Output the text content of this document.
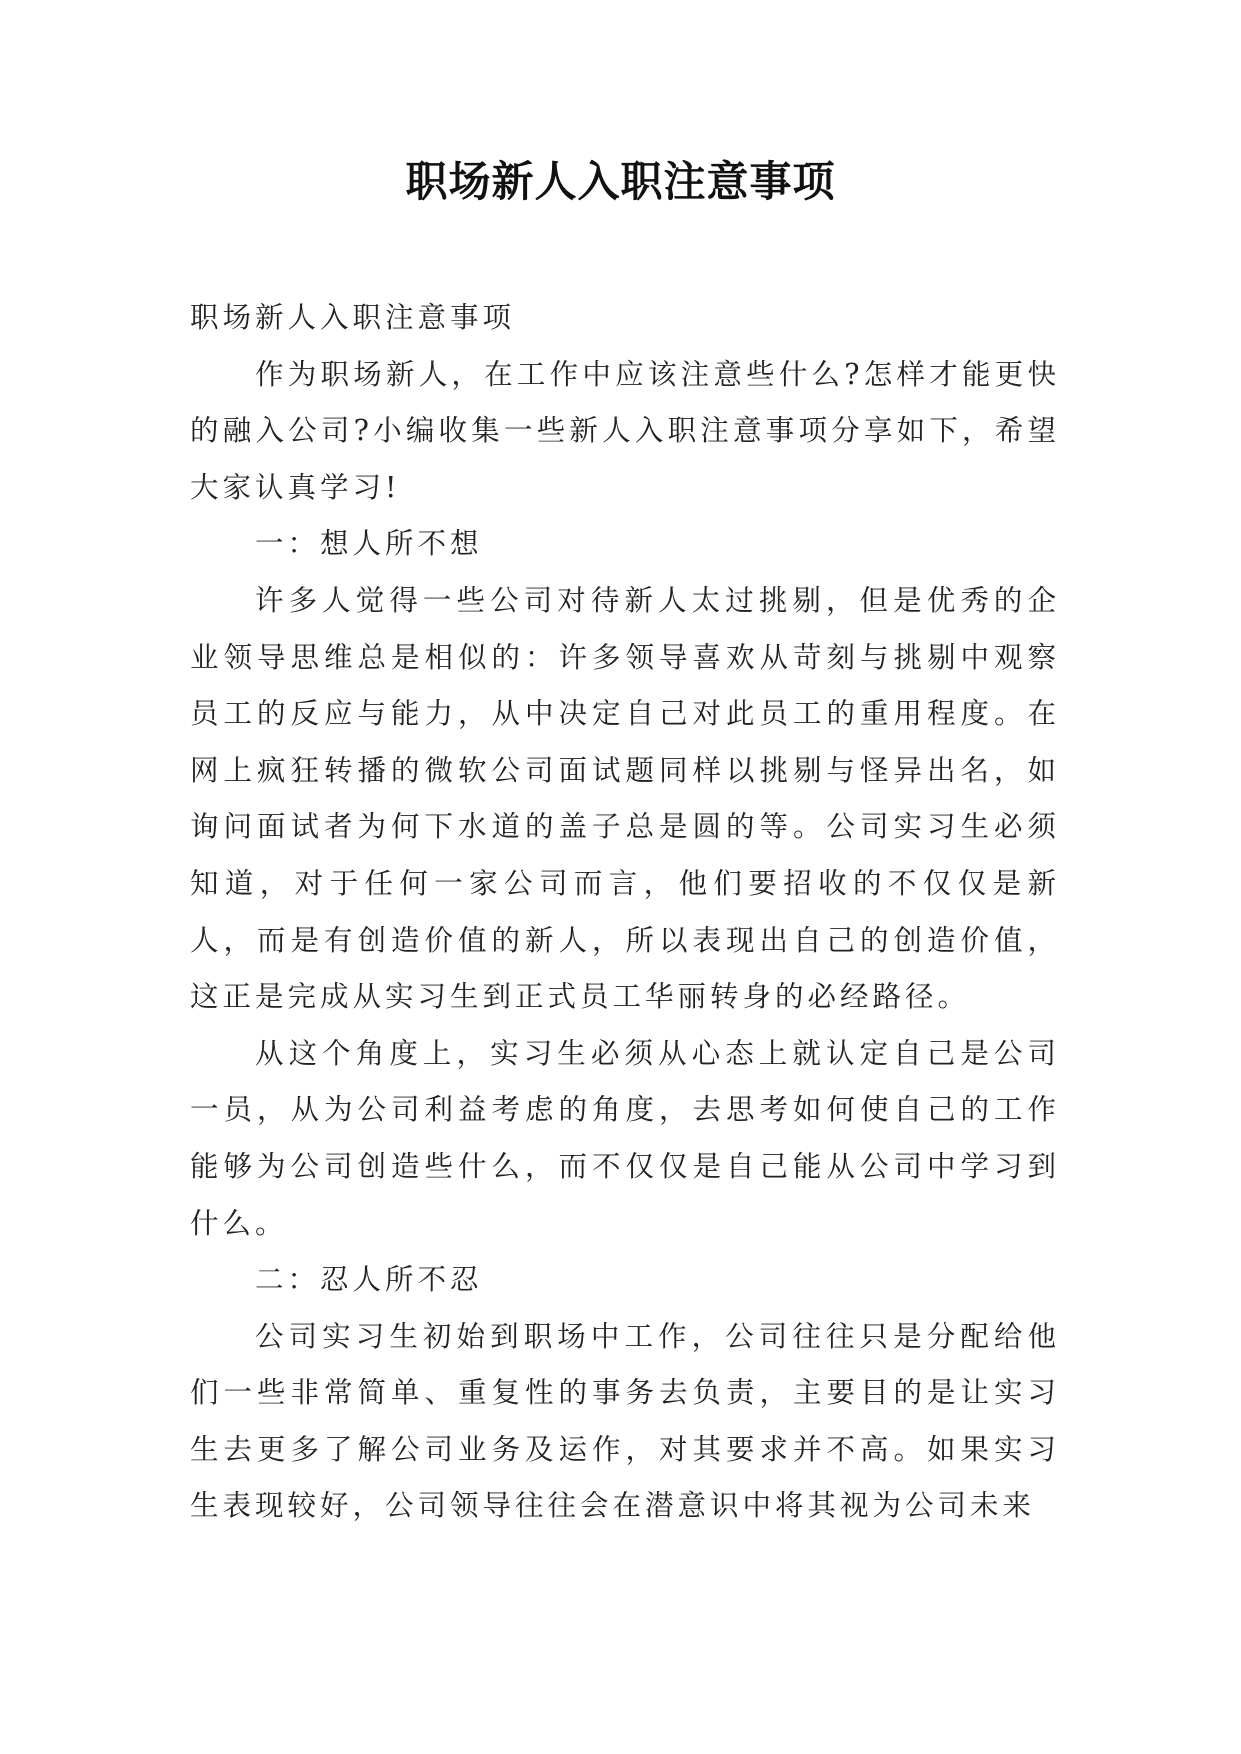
职场新人入职注意事项

职场新人入职注意事项

作为职场新人，在工作中应该注意些什么?怎样才能更快的融入公司?小编收集一些新人入职注意事项分享如下，希望大家认真学习!

一：想人所不想

许多人觉得一些公司对待新人太过挑剔，但是优秀的企业领导思维总是相似的：许多领导喜欢从苛刻与挑剔中观察员工的反应与能力，从中决定自己对此员工的重用程度。在网上疯狂转播的微软公司面试题同样以挑剔与怪异出名，如询问面试者为何下水道的盖子总是圆的等。公司实习生必须知道，对于任何一家公司而言，他们要招收的不仅仅是新人，而是有创造价值的新人，所以表现出自己的创造价值，这正是完成从实习生到正式员工华丽转身的必经路径。

从这个角度上，实习生必须从心态上就认定自己是公司一员，从为公司利益考虑的角度，去思考如何使自己的工作能够为公司创造些什么，而不仅仅是自己能从公司中学习到什么。

二：忍人所不忍

公司实习生初始到职场中工作，公司往往只是分配给他们一些非常简单、重复性的事务去负责，主要目的是让实习生去更多了解公司业务及运作，对其要求并不高。如果实习生表现较好，公司领导往往会在潜意识中将其视为公司未来
